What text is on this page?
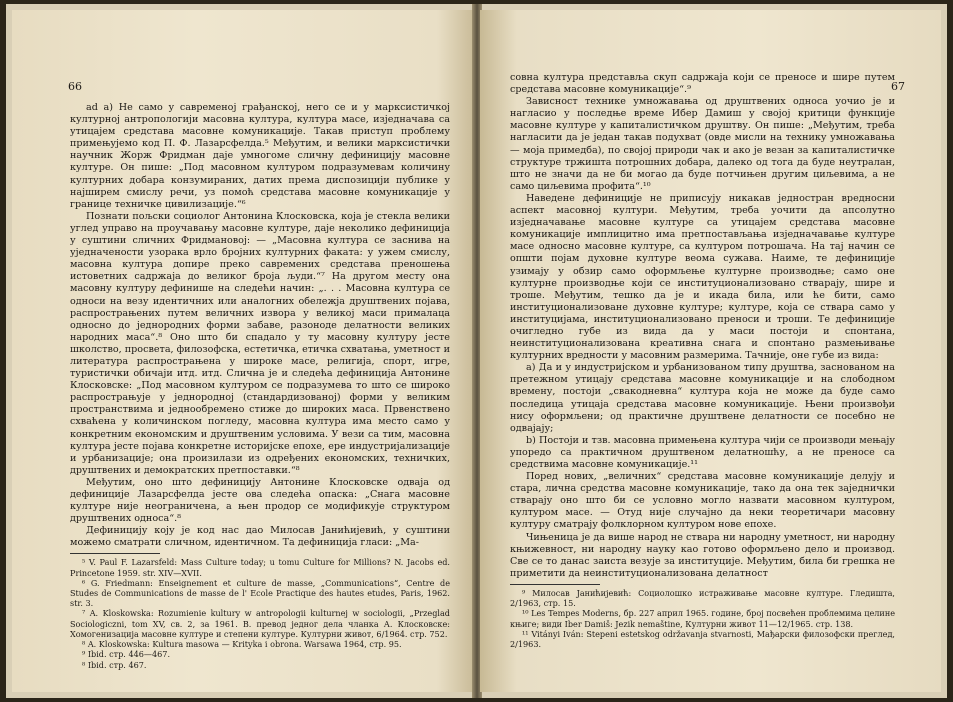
66

ad a) Не само у савременој грађанској, него се и у марксистичкој културној антропологији масовна култура, култура масе, изједначава са утицајем средстава масовне комуникације. Такав приступ проблему примењујемо код П. Ф. Лазарсфелда.⁵ Међутим, и велики марксистички научник Жорж Фридман даје умногоме сличну дефиницију масовне културе. Он пише: „Под масовном културом подразумевам количину културних добара конзумираних, датих према диспозицији публике у најширем смислу речи, уз помоћ средстава масовне комуникације у границе техничке цивилизације.“⁶

Познати пољски социолог Антонина Клосковска, која је стекла велики углед управо на проучавању масовне културе, даје неколико дефиниција у суштини сличних Фридмановој: — „Масовна култура се заснива на уједначености узорака врло бројних културних факата: у ужем смислу, масовна култура допире преко савремених средстава преношења истоветних садржаја до великог броја људи.“⁷ На другом месту она масовну културу дефинише на следећи начин: „. . . Масовна култура се односи на везу идентичних или аналогних обележја друштвених појава, распрострањених путем величних извора у великој маси прималаца односно до једнородних форми забаве, разоноде делатности великих народних маса“.⁸ Оно што би спадало у ту масовну културу јесте школство, просвета, филозофска, естетичка, етичка схватања, уметност и литература распрострањена у широке масе, религија, спорт, игре, туристички обичаји итд. итд. Слична је и следећа дефиниција Антонине Клосковске: „Под масовном културом се подразумева то што се широко распрострањује у једнородној (стандардизованој) форми у великим пространствима и једнообремено стиже до широких маса. Првенствено схваћена у количинском погледу, масовна култура има место само у конкретним економским и друштвеним условима. У вези са тим, масовна култура јесте појава конкретне историјске епохе, ере индустријализације и урбанизације; она произилази из одређених економских, техничких, друштвених и демократских претпоставки.“⁸

Међутим, оно што дефиницију Антонине Клосковске одваја од дефиниције Лазарсфелда јесте ова следећа опаска: „Снага масовне културе није неограничена, а њен продор се модификује структуром друштвених односа“.⁸

Дефиницију коју је код нас дао Милосав Јанићијевић, у суштини можемо сматрати сличном, идентичном. Та дефиниција гласи: „Ма-

⁵ V. Paul F. Lazarsfeld: Mass Culture today; u tomu Culture for Millions? N. Jacobs ed. Princetone 1959. str. XIV—XVII.

⁶ G. Friedmann: Enseignement et culture de masse, „Communications“, Centre de Studes de Communications de masse de l' Ecole Practique des hautes etudes, Paris, 1962. str. 3.

⁷ A. Kloskowska: Rozumienie kultury w antropologii kulturnej w sociologii, „Przeglad Sociologiczni, tom XV, св. 2, за 1961. В. превод једног дела чланка А. Клосковске: Хомогенизација масовне културе и степени културе. Културни живот, 6/1964. стр. 752.

⁸ A. Kloskowska: Kultura masowa — Krityka i obrona. Warsawa 1964, стр. 95.

⁹ Ibid. стр. 446—467.

⁸ Ibid. стр. 467.

67

совна култура представља скуп садржаја који се преносе и шире путем средстава масовне комуникације“.⁹

Зависност технике умножавања од друштвених односа уочио је и нагласио у последње време Ибер Дамиш у својој критици функције масовне културе у капиталистичком друштву. Он пише: „Међутим, треба нагласити да је један такав подухват (овде мисли на технику умножавања — моја примедба), по својој природи чак и ако је везан за капиталистичке структуре тржишта потрошних добара, далеко од тога да буде неутралан, што не значи да не би могао да буде потчињен другим циљевима, а не само циљевима профита“.¹⁰

Наведене дефиниције не приписују никакав једностран вредносни аспект масовној култури. Међутим, треба уочити да апсолутно изједначавање масовне културе са утицајем средстава масовне комуникације имплицитно има претпостављања изједначавање културе масе односно масовне културе, са културом потрошача. На тај начин се општи појам духовне културе веома сужава. Наиме, те дефиниције узимају у обзир само оформљење културне производње; само оне културне производње који се институционализовано стварају, шире и трошe. Међутим, тешко да је и икада била, или ће бити, само институционализоване духовне културе; културе, која се ствара само у институцијама, институционализовано преноси и троши. Те дефиниције очигледно губе из вида да у маси постоји и спонтана, неинституционализована креативна снага и спонтано размењивање културних вредности у масовним размерима. Тачније, оне губе из вида:

а) Да и у индустријском и урбанизованом типу друштва, заснованом на претежном утицају средстава масовне комуникације и на слободном времену, постоји „свакодневна“ култура која не може да буде само последица утицаја средстава масовне комуникације. Њени произвођи нису оформљени; од практичне друштвене делатности се посебно не одвајају;

b) Постоји и тзв. масовна примењена култура чији се производи мењају упоредо са практичном друштвеном делатношћу, а не преносе са средствима масовне комуникације.¹¹

Поред нових, „величних“ средстава масовне комуникације делују и старa, лична средства масовне комуникације, тако да она тек заједнички стварају оно што би се условно могло назвати масовном културом, културом масе. — Отуд није случајно да неки теоретичари масовну културу сматрају фолклорном културом нове епохе.

Чињеница је да више народ не ствара ни народну уметност, ни народну књижевност, ни народну науку као готово оформљено дело и производ. Све се то данас заиста везује за институције. Међутим, била би грешка не приметити да неинституционализована делатност

⁹ Милосав Јанићијевић: Социолошко истраживање масовне културе. Гледишта, 2/1963, стр. 15.

¹⁰ Les Tempes Moderns, бр. 227 април 1965. годинe, број посвећен проблемима целине књиге; види Iber Damiš: Jezik nemaštine, Културни живот 11—12/1965. стр. 138.

¹¹ Vitányi Iván: Stepeni estetskog održavanja stvarnosti, Мађарски филозофски преглед, 2/1963.
